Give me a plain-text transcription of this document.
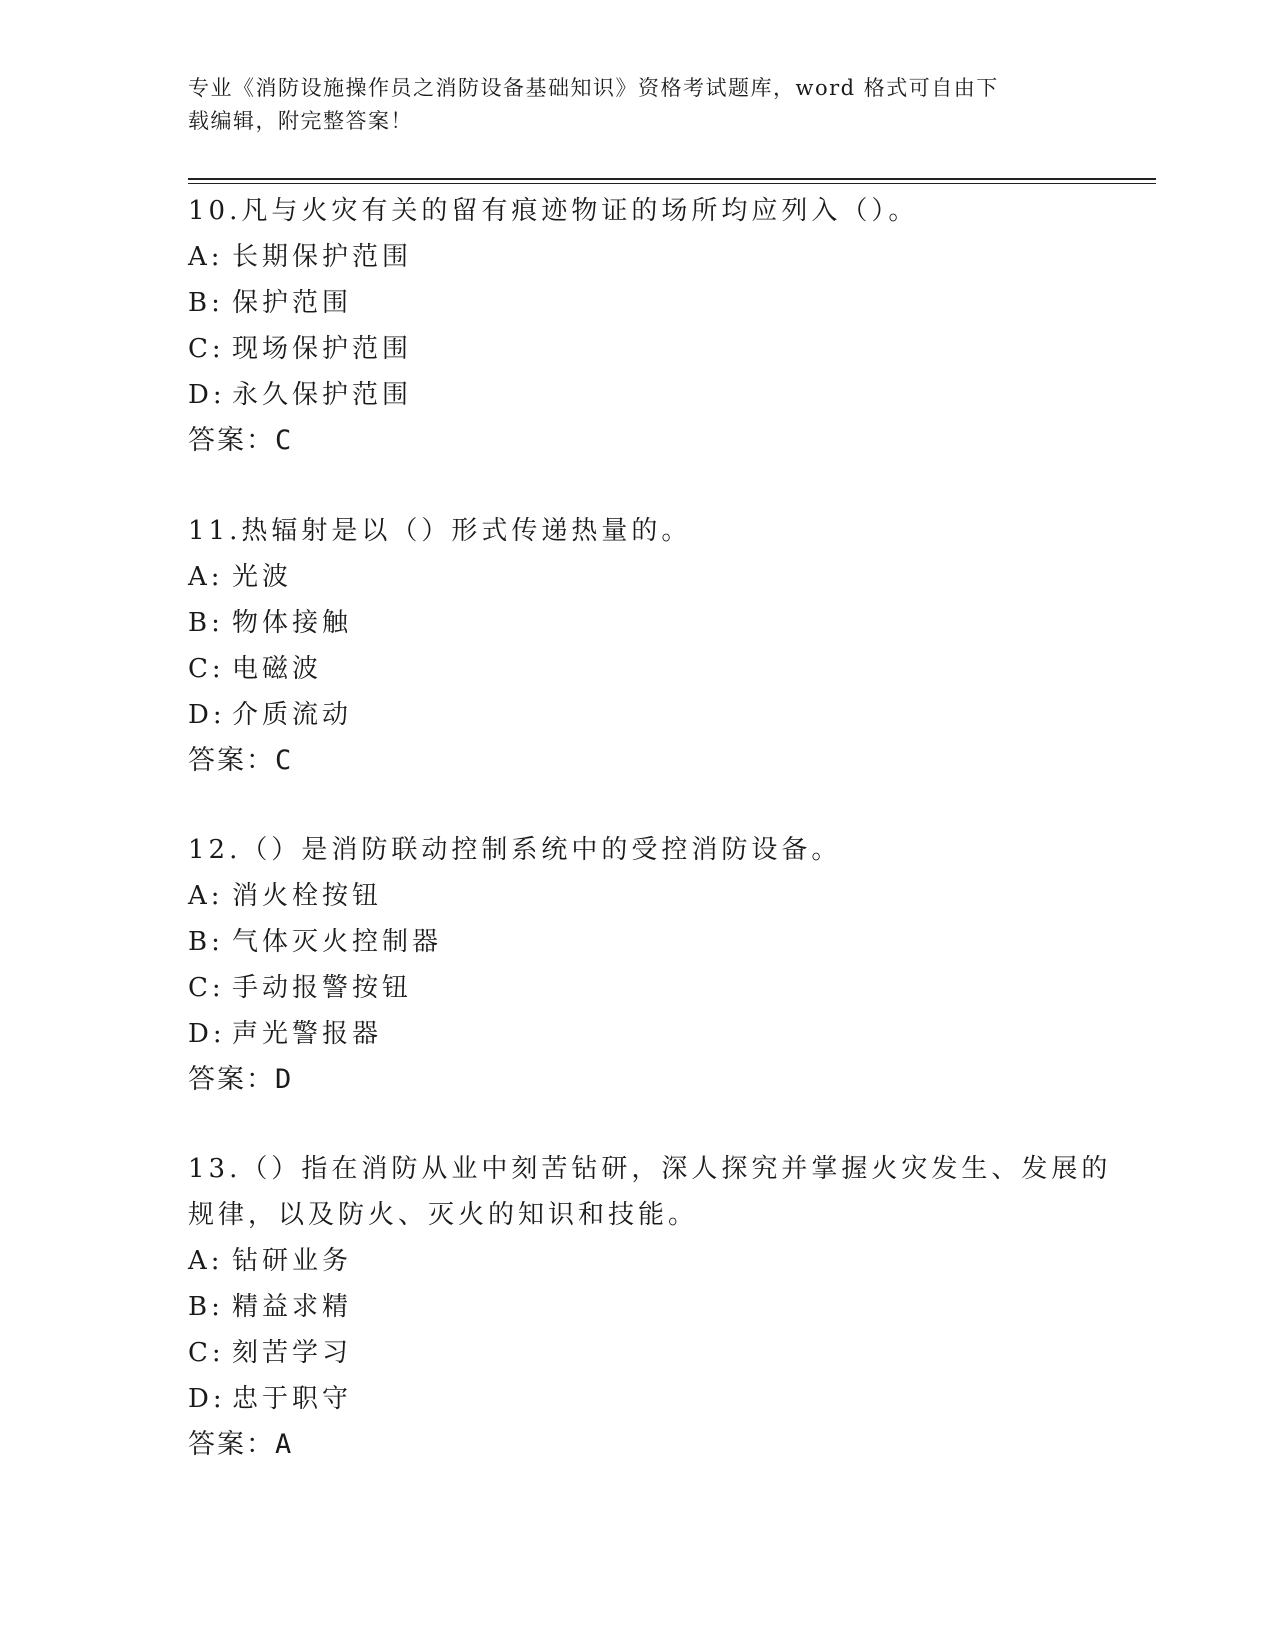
专业《消防设施操作员之消防设备基础知识》资格考试题库，word 格式可自由下
载编辑，附完整答案！
10.凡与火灾有关的留有痕迹物证的场所均应列入（）。
A: 长期保护范围
B: 保护范围
C: 现场保护范围
D: 永久保护范围
答案：C
11.热辐射是以（）形式传递热量的。
A: 光波
B: 物体接触
C: 电磁波
D: 介质流动
答案：C
12.（）是消防联动控制系统中的受控消防设备。
A: 消火栓按钮
B: 气体灭火控制器
C: 手动报警按钮
D: 声光警报器
答案：D
13.（）指在消防从业中刻苦钻研，深人探究并掌握火灾发生、发展的
规律，以及防火、灭火的知识和技能。
A: 钻研业务
B: 精益求精
C: 刻苦学习
D: 忠于职守
答案：A
